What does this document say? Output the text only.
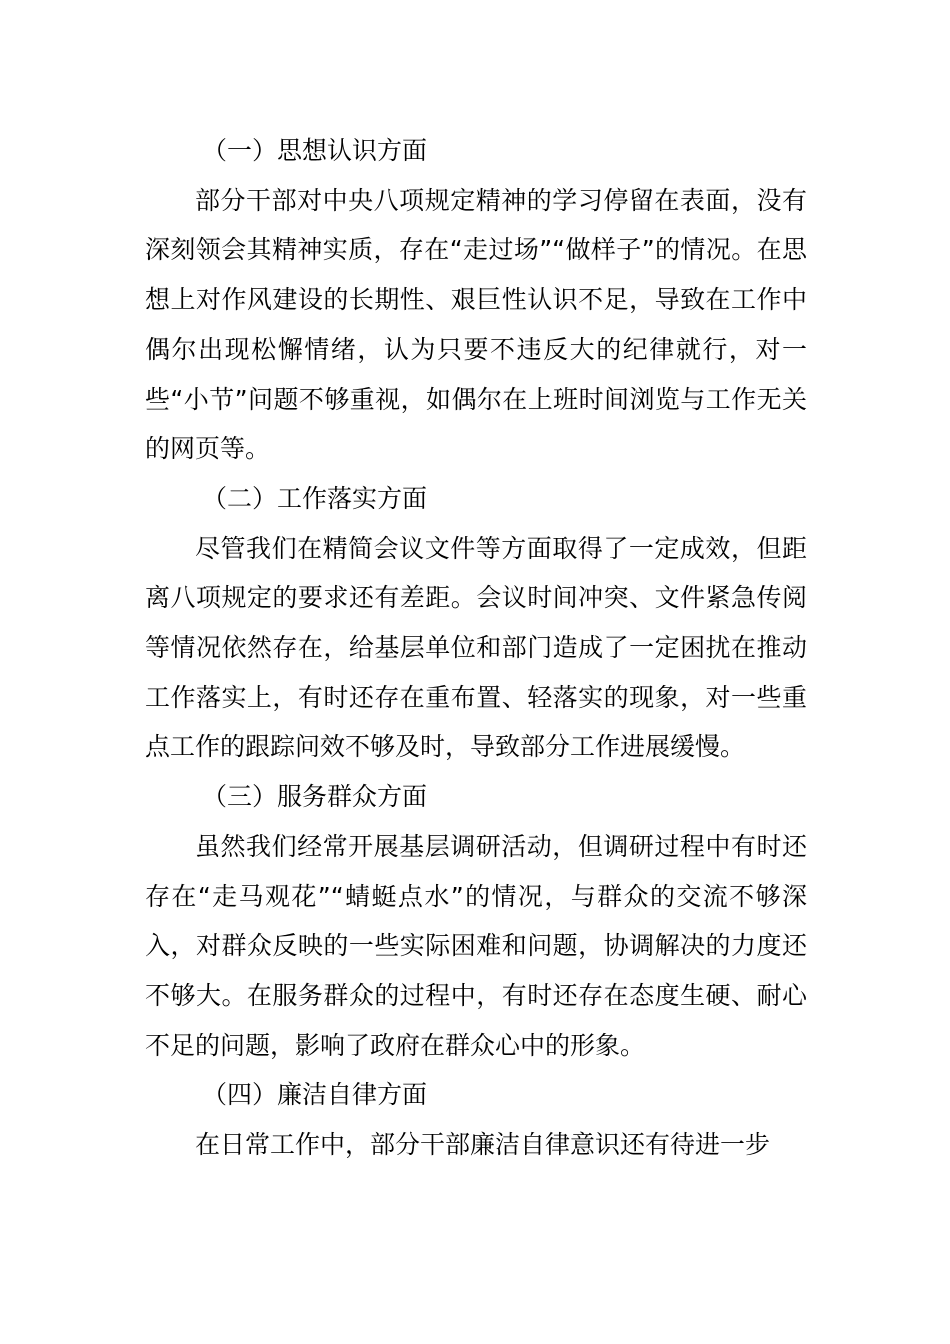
（一）思想认识方面

部分干部对中央八项规定精神的学习停留在表面，没有深刻领会其精神实质，存在“走过场”“做样子”的情况。在思想上对作风建设的长期性、艰巨性认识不足，导致在工作中偶尔出现松懈情绪，认为只要不违反大的纪律就行，对一些“小节”问题不够重视，如偶尔在上班时间浏览与工作无关的网页等。

（二）工作落实方面

尽管我们在精简会议文件等方面取得了一定成效，但距离八项规定的要求还有差距。会议时间冲突、文件紧急传阅等情况依然存在，给基层单位和部门造成了一定困扰在推动工作落实上，有时还存在重布置、轻落实的现象，对一些重点工作的跟踪问效不够及时，导致部分工作进展缓慢。

（三）服务群众方面

虽然我们经常开展基层调研活动，但调研过程中有时还存在“走马观花”“蜻蜓点水”的情况，与群众的交流不够深入，对群众反映的一些实际困难和问题，协调解决的力度还不够大。在服务群众的过程中，有时还存在态度生硬、耐心不足的问题，影响了政府在群众心中的形象。

（四）廉洁自律方面

在日常工作中，部分干部廉洁自律意识还有待进一步
